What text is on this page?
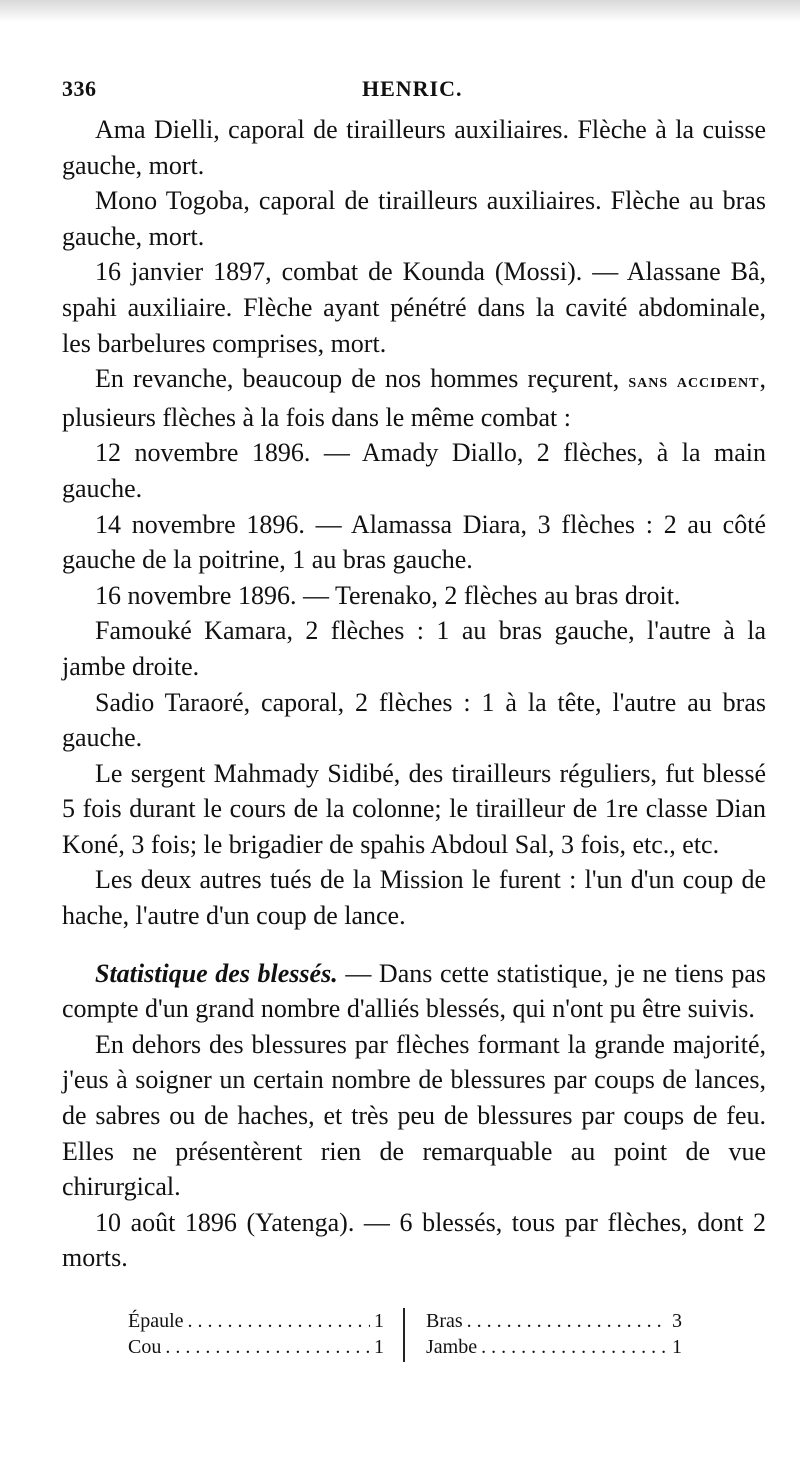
336	HENRIC.

Ama Dielli, caporal de tirailleurs auxiliaires. Flèche à la cuisse gauche, mort.

Mono Togoba, caporal de tirailleurs auxiliaires. Flèche au bras gauche, mort.

16 janvier 1897, combat de Kounda (Mossi). — Alassane Bâ, spahi auxiliaire. Flèche ayant pénétré dans la cavité abdominale, les barbelures comprises, mort.

En revanche, beaucoup de nos hommes reçurent, sans accident, plusieurs flèches à la fois dans le même combat :

12 novembre 1896. — Amady Diallo, 2 flèches, à la main gauche.

14 novembre 1896. — Alamassa Diara, 3 flèches : 2 au côté gauche de la poitrine, 1 au bras gauche.

16 novembre 1896. — Terenako, 2 flèches au bras droit.

Famouké Kamara, 2 flèches : 1 au bras gauche, l'autre à la jambe droite.

Sadio Taraoré, caporal, 2 flèches : 1 à la tête, l'autre au bras gauche.

Le sergent Mahmady Sidibé, des tirailleurs réguliers, fut blessé 5 fois durant le cours de la colonne; le tirailleur de 1re classe Dian Koné, 3 fois; le brigadier de spahis Abdoul Sal, 3 fois, etc., etc.

Les deux autres tués de la Mission le furent : l'un d'un coup de hache, l'autre d'un coup de lance.

Statistique des blessés. — Dans cette statistique, je ne tiens pas compte d'un grand nombre d'alliés blessés, qui n'ont pu être suivis.

En dehors des blessures par flèches formant la grande majorité, j'eus à soigner un certain nombre de blessures par coups de lances, de sabres ou de haches, et très peu de blessures par coups de feu. Elles ne présentèrent rien de remarquable au point de vue chirurgical.

10 août 1896 (Yatenga). — 6 blessés, tous par flèches, dont 2 morts.

Épaule . . .	1
Cou . . .	1
Bras . . .	3
Jambe . . .	1
